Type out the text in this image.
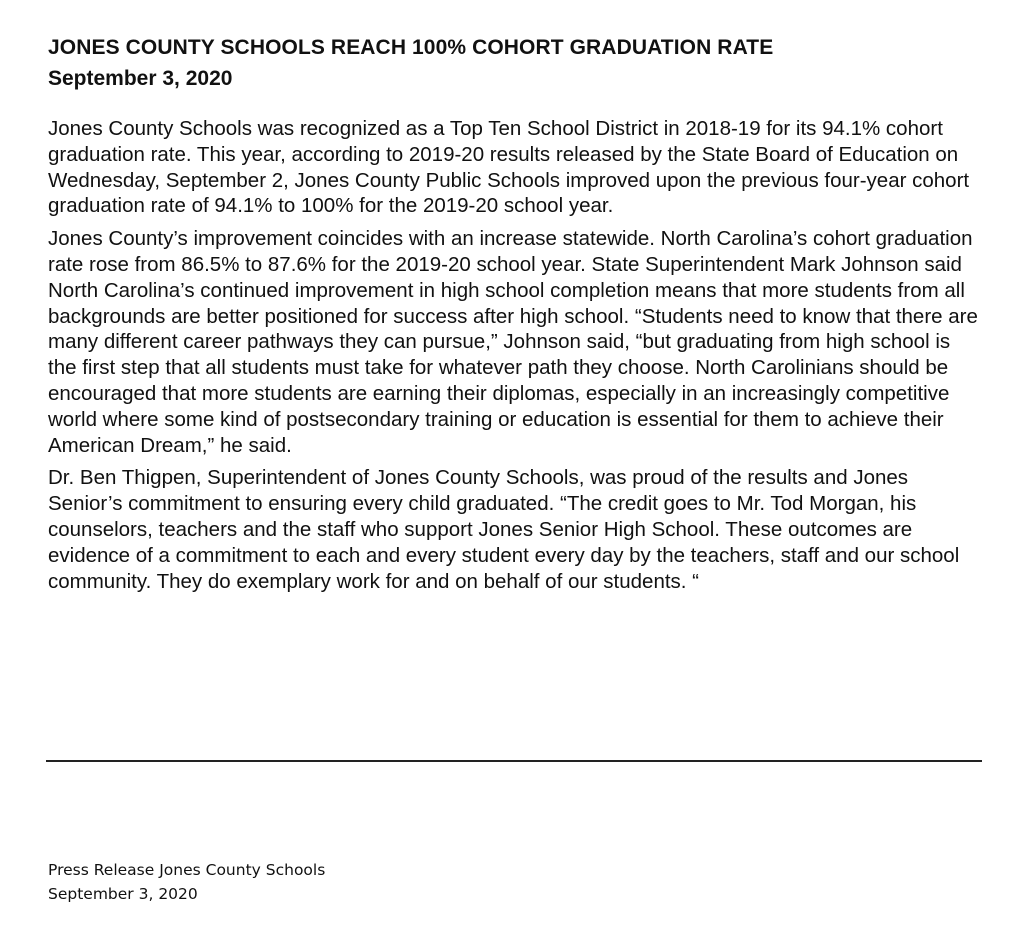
JONES COUNTY SCHOOLS REACH 100% COHORT GRADUATION RATE
September 3, 2020

Jones County Schools was recognized as a Top Ten School District in 2018-19 for its 94.1% cohort graduation rate. This year, according to 2019-20 results released by the State Board of Education on Wednesday, September 2, Jones County Public Schools improved upon the previous four-year cohort graduation rate of 94.1% to 100% for the 2019-20 school year.

Jones County’s improvement coincides with an increase statewide. North Carolina’s cohort graduation rate rose from 86.5% to 87.6% for the 2019-20 school year. State Superintendent Mark Johnson said North Carolina’s continued improvement in high school completion means that more students from all backgrounds are better positioned for success after high school. “Students need to know that there are many different career pathways they can pursue,” Johnson said, “but graduating from high school is the first step that all students must take for whatever path they choose. North Carolinians should be encouraged that more students are earning their diplomas, especially in an increasingly competitive world where some kind of postsecondary training or education is essential for them to achieve their American Dream,” he said.

Dr. Ben Thigpen, Superintendent of Jones County Schools, was proud of the results and Jones Senior’s commitment to ensuring every child graduated. “The credit goes to Mr. Tod Morgan, his counselors, teachers and the staff who support Jones Senior High School. These outcomes are evidence of a commitment to each and every student every day by the teachers, staff and our school community. They do exemplary work for and on behalf of our students. “

Press Release Jones County Schools
September 3, 2020
